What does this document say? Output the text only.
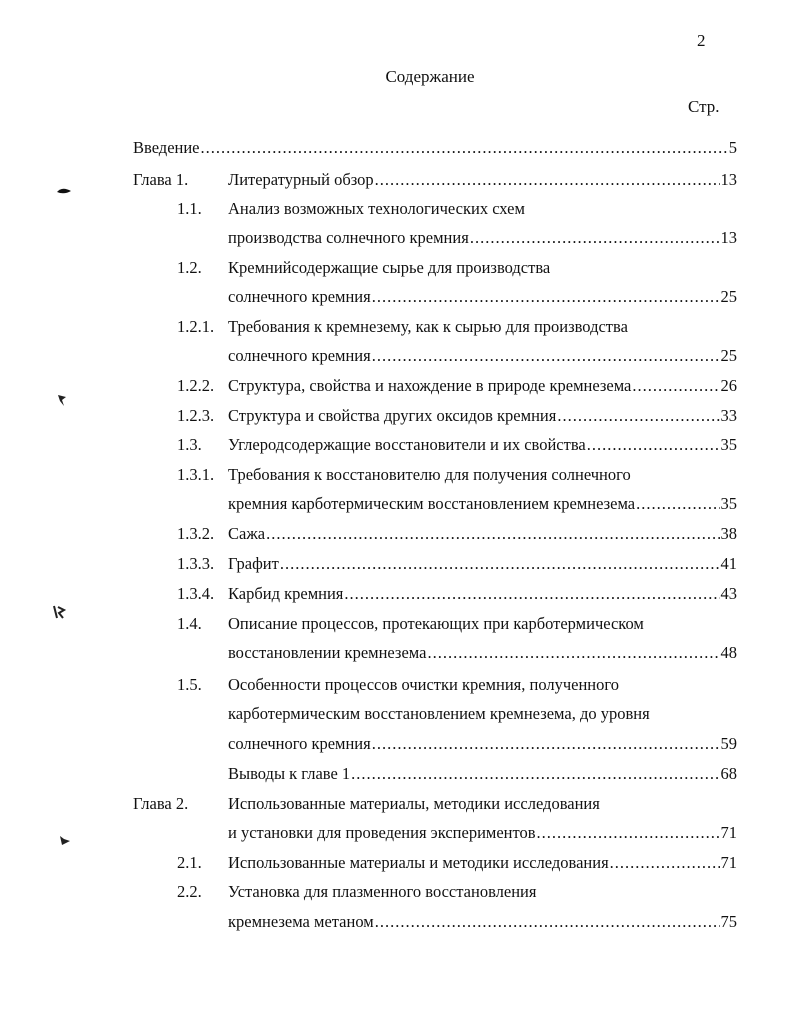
2
Содержание
Стр.
Введение .....	5
Глава 1. Литературный обзор .....	13
1.1. Анализ возможных технологических схем
производства солнечного кремния .....	13
1.2. Кремнийсодержащие сырье для производства
солнечного кремния .....	25
1.2.1. Требования к кремнезему, как к сырью для производства
солнечного кремния .....	25
1.2.2. Структура, свойства и нахождение в природе кремнезема .....	26
1.2.3. Структура и свойства других оксидов кремния .....	33
1.3. Углеродсодержащие восстановители и их свойства .....	35
1.3.1. Требования к восстановителю для получения солнечного
кремния карботермическим восстановлением кремнезема .....	35
1.3.2. Сажа .....	38
1.3.3. Графит .....	41
1.3.4. Карбид кремния .....	43
1.4. Описание процессов, протекающих при карботермическом
восстановлении кремнезема .....	48
1.5. Особенности процессов очистки кремния, полученного
карботермическим восстановлением кремнезема, до уровня
солнечного кремния .....	59
Выводы к главе 1 .....	68
Глава 2. Использованные материалы, методики исследования
и установки для проведения экспериментов .....	71
2.1. Использованные материалы и методики исследования .....	71
2.2. Установка для плазменного восстановления
кремнезема метаном .....	75
